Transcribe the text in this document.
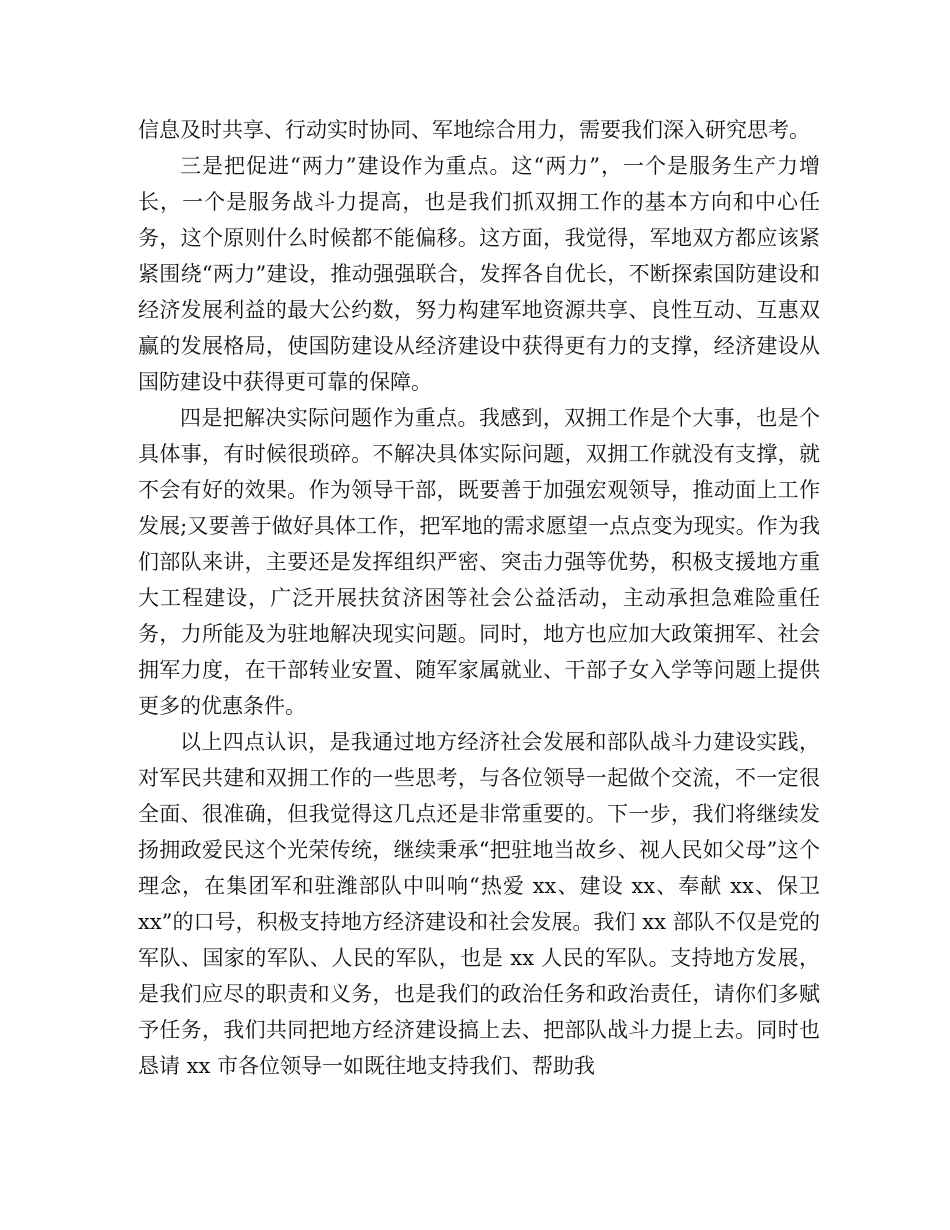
信息及时共享、行动实时协同、军地综合用力，需要我们深入研究思考。

三是把促进“两力”建设作为重点。这“两力”，一个是服务生产力增长，一个是服务战斗力提高，也是我们抓双拥工作的基本方向和中心任务，这个原则什么时候都不能偏移。这方面，我觉得，军地双方都应该紧紧围绕“两力”建设，推动强强联合，发挥各自优长，不断探索国防建设和经济发展利益的最大公约数，努力构建军地资源共享、良性互动、互惠双赢的发展格局，使国防建设从经济建设中获得更有力的支撑，经济建设从国防建设中获得更可靠的保障。

四是把解决实际问题作为重点。我感到，双拥工作是个大事，也是个具体事，有时候很琐碎。不解决具体实际问题，双拥工作就没有支撑，就不会有好的效果。作为领导干部，既要善于加强宏观领导，推动面上工作发展;又要善于做好具体工作，把军地的需求愿望一点点变为现实。作为我们部队来讲，主要还是发挥组织严密、突击力强等优势，积极支援地方重大工程建设，广泛开展扶贫济困等社会公益活动，主动承担急难险重任务，力所能及为驻地解决现实问题。同时，地方也应加大政策拥军、社会拥军力度，在干部转业安置、随军家属就业、干部子女入学等问题上提供更多的优惠条件。

以上四点认识，是我通过地方经济社会发展和部队战斗力建设实践，对军民共建和双拥工作的一些思考，与各位领导一起做个交流，不一定很全面、很准确，但我觉得这几点还是非常重要的。下一步，我们将继续发扬拥政爱民这个光荣传统，继续秉承“把驻地当故乡、视人民如父母”这个理念，在集团军和驻潍部队中叫响“热爱 xx、建设 xx、奉献 xx、保卫 xx”的口号，积极支持地方经济建设和社会发展。我们 xx 部队不仅是党的军队、国家的军队、人民的军队，也是 xx 人民的军队。支持地方发展，是我们应尽的职责和义务，也是我们的政治任务和政治责任，请你们多赋予任务，我们共同把地方经济建设搞上去、把部队战斗力提上去。同时也恳请 xx 市各位领导一如既往地支持我们、帮助我
